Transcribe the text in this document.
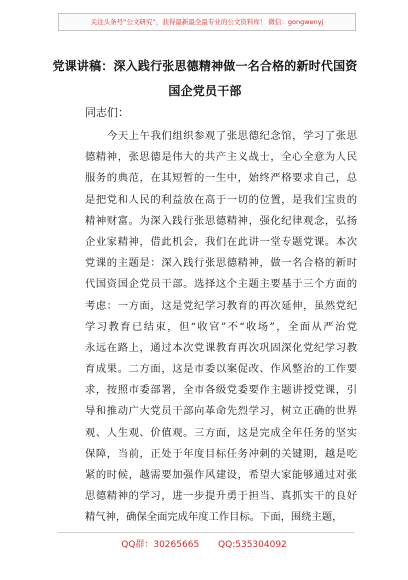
关注头条号“公文研究”，获得最新最全最专业的公文资料库！ 微信：gongwenyj
党课讲稿：深入践行张思德精神做一名合格的新时代国资
国企党员干部
同志们：
今天上午我们组织参观了张思德纪念馆，学习了张思
德精神，张思德是伟大的共产主义战士，全心全意为人民
服务的典范，在其短暂的一生中，始终严格要求自己，总
是把党和人民的利益放在高于一切的位置，是我们宝贵的
精神财富。为深入践行张思德精神，强化纪律观念，弘扬
企业家精神，借此机会，我们在此讲一堂专题党课。本次
党课的主题是：深入践行张思德精神，做一名合格的新时
代国资国企党员干部。选择这个主题主要基于三个方面的
考虑：一方面，这是党纪学习教育的再次延伸，虽然党纪
学习教育已结束，但“收官”不“收场”，全面从严治党
永远在路上，通过本次党课教育再次巩固深化党纪学习教
育成果。二方面，这是市委以案促改、作风整治的工作要
求，按照市委部署，全市各级党委要作主题讲授党课，引
导和推动广大党员干部向革命先烈学习，树立正确的世界
观、人生观、价值观。三方面，这是完成全年任务的坚实
保障，当前，正处于年度目标任务冲刺的关键期，越是吃
紧的时候，越需要加强作风建设，希望大家能够通过对张
思德精神的学习，进一步提升勇于担当、真抓实干的良好
精气神，确保全面完成年度工作目标。下面，围绕主题，
QQ群：30265665 QQ:535304092
